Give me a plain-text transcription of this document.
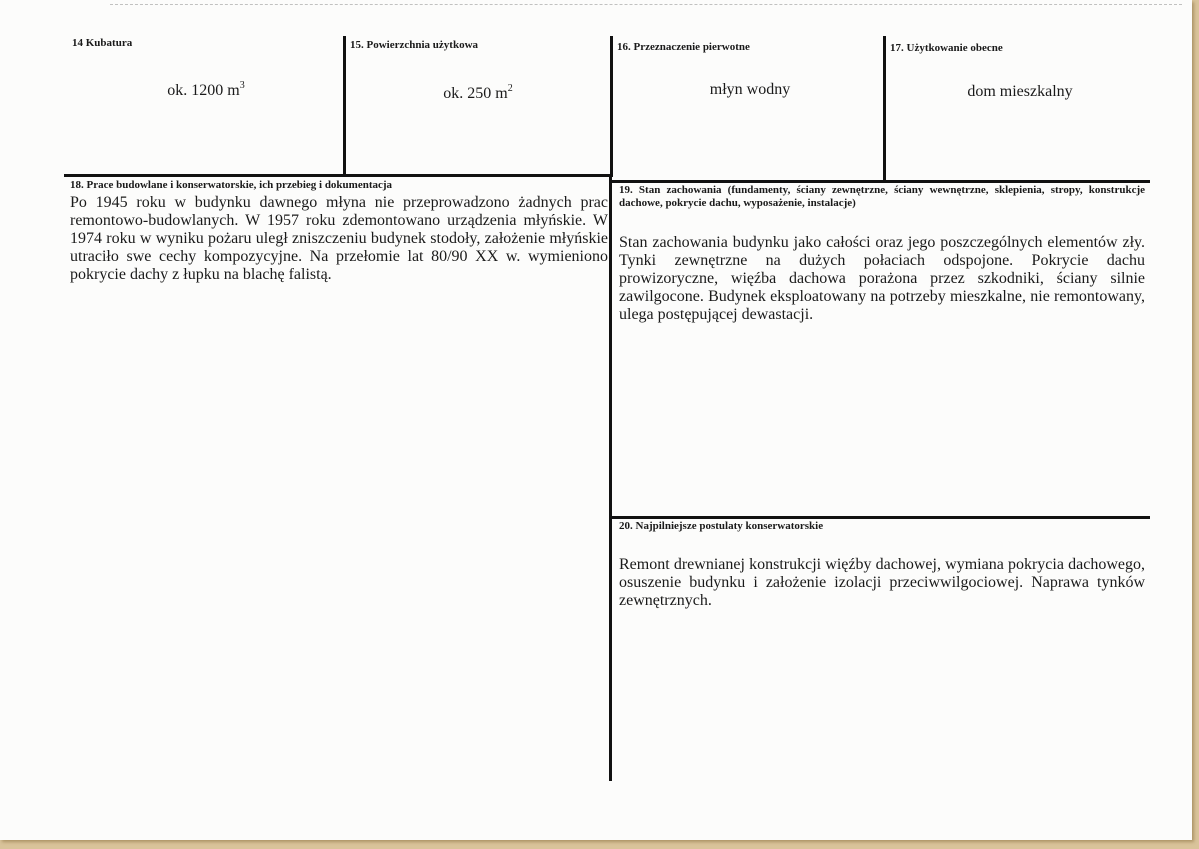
14 Kubatura
ok. 1200 $m^3$
15. Powierzchnia użytkowa
ok. 250 $m^2$
16. Przeznaczenie pierwotne
młyn wodny
17. Użytkowanie obecne
dom mieszkalny
18. Prace budowlane i konserwatorskie, ich przebieg i dokumentacja

Po 1945 roku w budynku dawnego młyna nie przeprowadzono żadnych prac remontowo-budowlanych. W 1957 roku zdemontowano urządzenia młyńskie. W 1974 roku w wyniku pożaru uległ zniszczeniu budynek stodoły, założenie młyńskie utraciło swe cechy kompozycyjne. Na przełomie lat 80/90 XX w. wymieniono pokrycie dachy z łupku na blachę falistą.

19. Stan zachowania (fundamenty, ściany zewnętrzne, ściany wewnętrzne, sklepienia, stropy, konstrukcje dachowe, pokrycie dachu, wyposażenie, instalacje)

Stan zachowania budynku jako całości oraz jego poszczególnych elementów zły. Tynki zewnętrzne na dużych połaciach odspojone. Pokrycie dachu prowizoryczne, więźba dachowa porażona przez szkodniki, ściany silnie zawilgocone. Budynek eksploatowany na potrzeby mieszkalne, nie remontowany, ulega postępującej dewastacji.

20. Najpilniejsze postulaty konserwatorskie

Remont drewnianej konstrukcji więźby dachowej, wymiana pokrycia dachowego, osuszenie budynku i założenie izolacji przeciwwilgociowej. Naprawa tynków zewnętrznych.
